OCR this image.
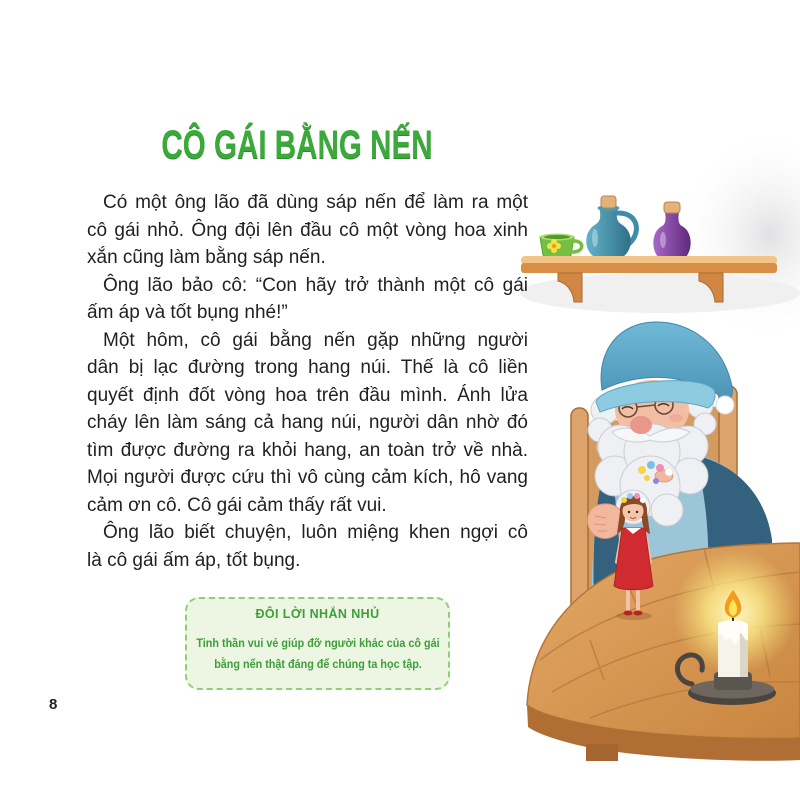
CÔ GÁI BẰNG NẾN
Có một ông lão đã dùng sáp nến để làm ra một
cô gái nhỏ. Ông đội lên đầu cô một vòng hoa xinh
xắn cũng làm bằng sáp nến.
Ông lão bảo cô: “Con hãy trở thành một cô gái
ấm áp và tốt bụng nhé!”
Một hôm, cô gái bằng nến gặp những người
dân bị lạc đường trong hang núi. Thế là cô liền
quyết định đốt vòng hoa trên đầu mình. Ánh lửa
cháy lên làm sáng cả hang núi, người dân nhờ đó
tìm được đường ra khỏi hang, an toàn trở về nhà.
Mọi người được cứu thì vô cùng cảm kích, hô vang
cảm ơn cô. Cô gái cảm thấy rất vui.
Ông lão biết chuyện, luôn miệng khen ngợi cô
là cô gái ấm áp, tốt bụng.
ĐÔI LỜI NHẮN NHỦ
Tinh thần vui vẻ giúp đỡ người khác của cô gái
bằng nến thật đáng để chúng ta học tập.
8
